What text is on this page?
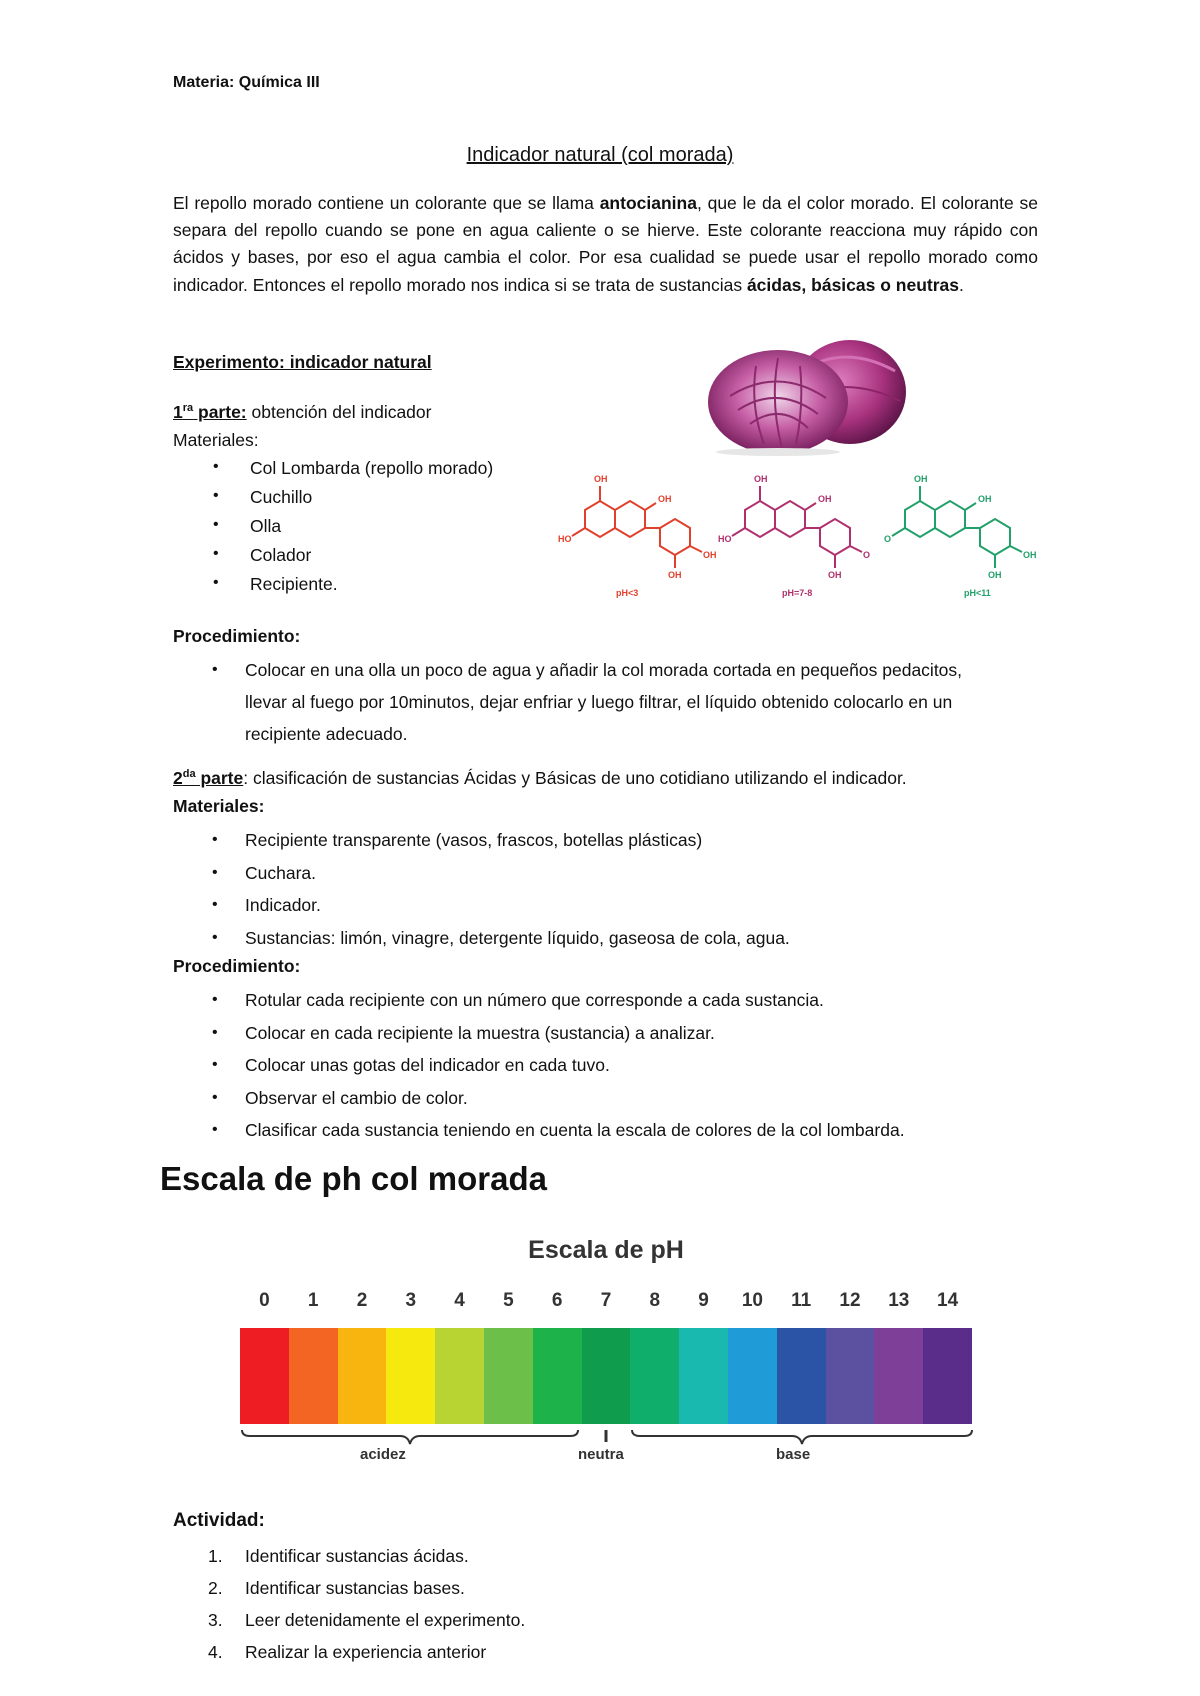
Materia: Química III
Indicador natural (col morada)

El repollo morado contiene un colorante que se llama antocianina, que le da el color morado. El colorante se separa del repollo cuando se pone en agua caliente o se hierve. Este colorante reacciona muy rápido con ácidos y bases, por eso el agua cambia el color. Por esa cualidad se puede usar el repollo morado como indicador. Entonces el repollo morado nos indica si se trata de sustancias ácidas, básicas o neutras.

Experimento: indicador natural
$1^{ra}$ parte: obtención del indicador
Materiales:
• Col Lombarda (repollo morado)
• Cuchillo
• Olla
• Colador
• Recipiente.
OH
HO
OH
OH
OH
pH<3
OH
HO
OH
O
OH
pH=7-8
OH
O
OH
OH
OH
pH<11
Procedimiento:
• Colocar en una olla un poco de agua y añadir la col morada cortada en pequeños pedacitos, llevar al fuego por 10minutos, dejar enfriar y luego filtrar, el líquido obtenido colocarlo en un recipiente adecuado.
$2^{da}$ parte: clasificación de sustancias Ácidas y Básicas de uno cotidiano utilizando el indicador.
Materiales:
• Recipiente transparente (vasos, frascos, botellas plásticas)
• Cuchara.
• Indicador.
• Sustancias: limón, vinagre, detergente líquido, gaseosa de cola, agua.
Procedimiento:
• Rotular cada recipiente con un número que corresponde a cada sustancia.
• Colocar en cada recipiente la muestra (sustancia) a analizar.
• Colocar unas gotas del indicador en cada tuvo.
• Observar el cambio de color.
• Clasificar cada sustancia teniendo en cuenta la escala de colores de la col lombarda.
Escala de ph col morada
Escala de pH
0	1	2	3	4	5	6	7	8	9	10	11	12	13	14
acidez	neutra	base
Actividad:
1. Identificar sustancias ácidas.
2. Identificar sustancias bases.
3. Leer detenidamente el experimento.
4. Realizar la experiencia anterior
